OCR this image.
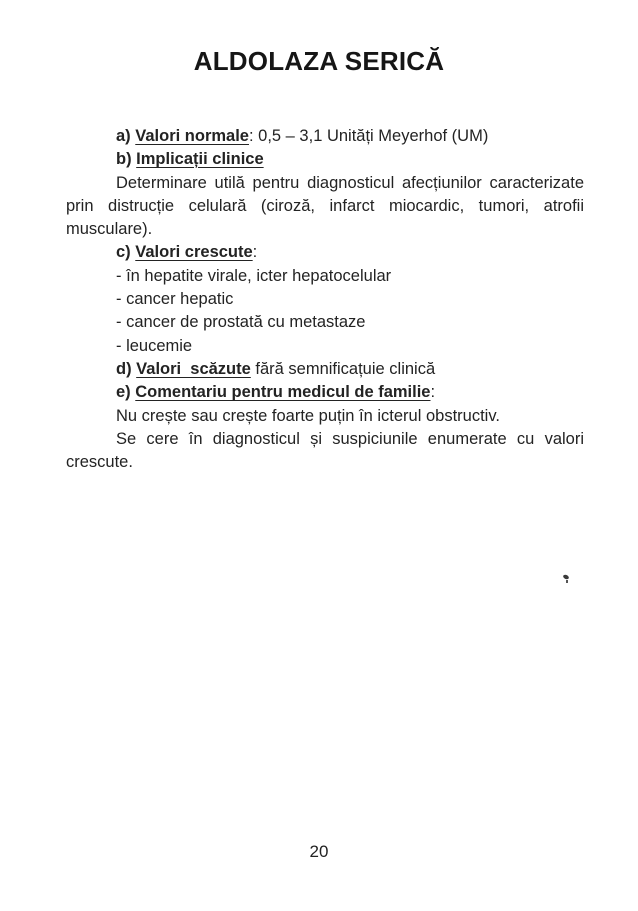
ALDOLAZA SERICĂ
a) Valori normale: 0,5 – 3,1 Unități Meyerhof (UM)
b) Implicații clinice
Determinare utilă pentru diagnosticul afecțiunilor caracterizate prin distrucție celulară (ciroză, infarct miocardic, tumori, atrofii musculare).
c) Valori crescute:
- în hepatite virale, icter hepatocelular
- cancer hepatic
- cancer de prostată cu metastaze
- leucemie
d) Valori  scăzute fără semnificațuie clinică
e) Comentariu pentru medicul de familie:
Nu crește sau crește foarte puțin în icterul obstructiv.
Se cere în diagnosticul și suspiciunile enumerate cu valori crescute.
20
